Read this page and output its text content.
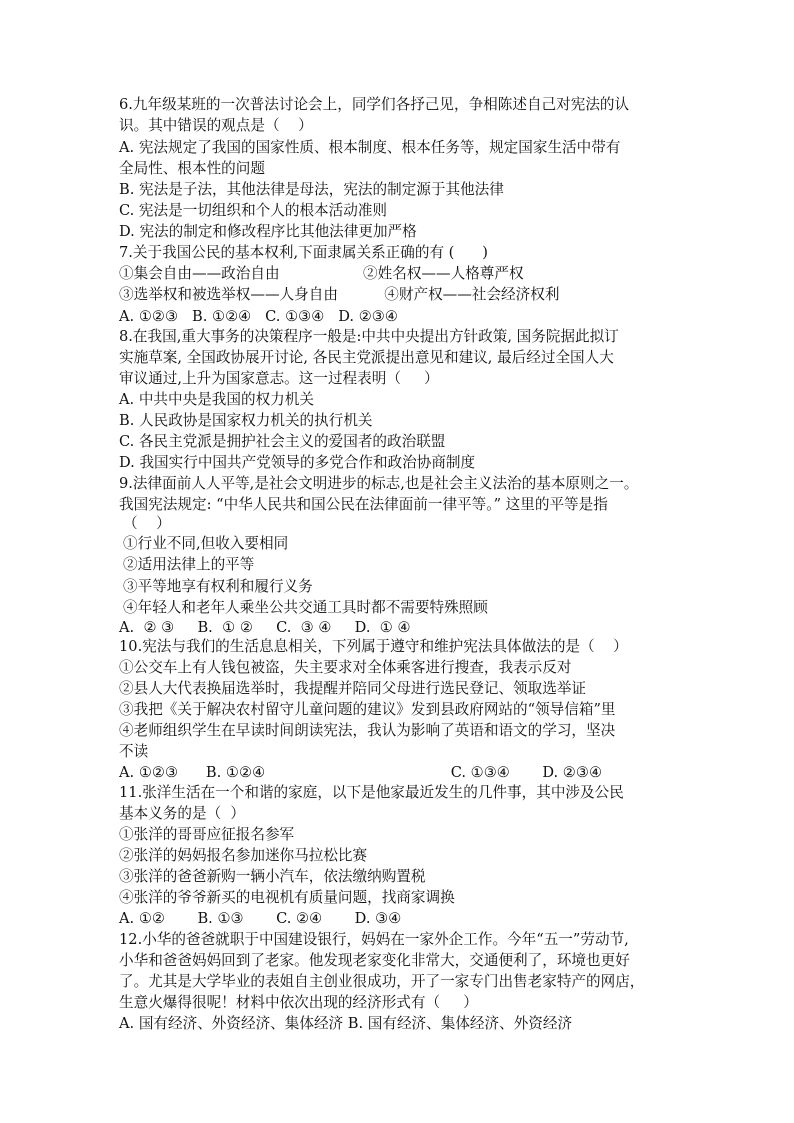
6.九年级某班的一次普法讨论会上，同学们各抒己见，争相陈述自己对宪法的认
识。其中错误的观点是（    ）
A. 宪法规定了我国的国家性质、根本制度、根本任务等，规定国家生活中带有
全局性、根本性的问题
B. 宪法是子法，其他法律是母法，宪法的制定源于其他法律
C. 宪法是一切组织和个人的根本活动准则
D. 宪法的制定和修改程序比其他法律更加严格
7.关于我国公民的基本权利,下面隶属关系正确的有 (      )
①集会自由——政治自由                  ②姓名权——人格尊严权
③选举权和被选举权——人身自由          ④财产权——社会经济权利
A. ①②③   B. ①②④   C. ①③④   D. ②③④
8.在我国,重大事务的决策程序一般是:中共中央提出方针政策, 国务院据此拟订
实施草案, 全国政协展开讨论, 各民主党派提出意见和建议, 最后经过全国人大
审议通过,上升为国家意志。这一过程表明（     ）
A. 中共中央是我国的权力机关
B. 人民政协是国家权力机关的执行机关
C. 各民主党派是拥护社会主义的爱国者的政治联盟
D. 我国实行中国共产党领导的多党合作和政治协商制度
9.法律面前人人平等,是社会文明进步的标志,也是社会主义法治的基本原则之一。
我国宪法规定: “中华人民共和国公民在法律面前一律平等。” 这里的平等是指
（    ）
①行业不同,但收入要相同
②适用法律上的平等
③平等地享有权利和履行义务
④年轻人和老年人乘坐公共交通工具时都不需要特殊照顾
A.  ② ③     B.  ① ②     C.  ③ ④     D.  ① ④
10.宪法与我们的生活息息相关，下列属于遵守和维护宪法具体做法的是（    ）
①公交车上有人钱包被盗，失主要求对全体乘客进行搜查，我表示反对
②县人大代表换届选举时，我提醒并陪同父母进行选民登记、领取选举证
③我把《关于解决农村留守儿童问题的建议》发到县政府网站的“领导信箱”里
④老师组织学生在早读时间朗读宪法，我认为影响了英语和语文的学习，坚决
不读
A. ①②③      B. ①②④                                        C. ①③④       D. ②③④
11.张洋生活在一个和谐的家庭，以下是他家最近发生的几件事，其中涉及公民
基本义务的是（  ）
①张洋的哥哥应征报名参军
②张洋的妈妈报名参加迷你马拉松比赛
③张洋的爸爸新购一辆小汽车，依法缴纳购置税
④张洋的爷爷新买的电视机有质量问题，找商家调换
A. ①②       B. ①③       C. ②④       D. ③④
12.小华的爸爸就职于中国建设银行，妈妈在一家外企工作。今年“五一”劳动节,
小华和爸爸妈妈回到了老家。他发现老家变化非常大，交通便利了，环境也更好
了。尤其是大学毕业的表姐自主创业很成功，开了一家专门出售老家特产的网店，
生意火爆得很呢！材料中依次出现的经济形式有（     ）
A. 国有经济、外资经济、集体经济 B. 国有经济、集体经济、外资经济
